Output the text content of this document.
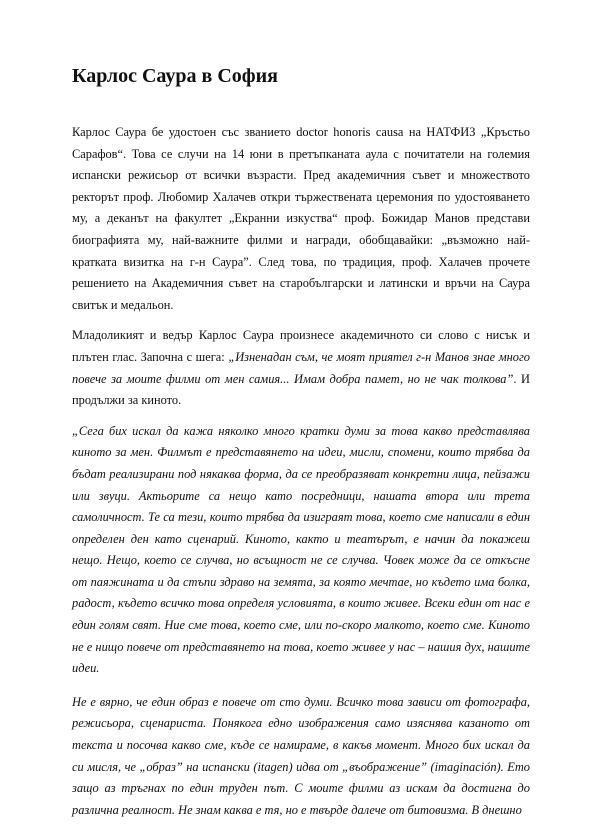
Карлос Саура в София

Карлос Саура бе удостоен със званието doctor honoris causa на НАТФИЗ „Кръстьо Сарафов“. Това се случи на 14 юни в претъпканата аула с почитатели на големия испански режисьор от всички възрасти. Пред академичния съвет и множеството ректорът проф. Любомир Халачев откри тържествената церемония по удостояването му, а деканът на факултет „Екранни изкуства“ проф. Божидар Манов представи биографията му, най-важните филми и награди, обобщавайки: „възможно най-кратката визитка на г-н Саура”. След това, по традиция, проф. Халачев прочете решението на Академичния съвет на старобългарски и латински и връчи на Саура свитък и медальон.

Младоликият и ведър Карлос Саура произнесе академичното си слово с нисък и плътен глас. Започна с шега: „Изненадан съм, че моят приятел г-н Манов знае много повече за моите филми от мен самия... Имам добра памет, но не чак толкова”. И продължи за киното.

„Сега бих искал да кажа няколко много кратки думи за това какво представлява киното за мен. Филмът е представянето на идеи, мисли, спомени, които трябва да бъдат реализирани под някаква форма, да се преобразяват конкретни лица, пейзажи или звуци. Актьорите са нещо като посредници, нашата втора или трета самоличност. Те са тези, които трябва да изиграят това, което сме написали в един определен ден като сценарий. Киното, както и театърът, е начин да покажеш нещо. Нещо, което се случва, но всъщност не се случва. Човек може да се откъсне от паяжината и да стъпи здраво на земята, за която мечтае, но където има болка, радост, където всичко това определя условията, в които живее. Всеки един от нас е един голям свят. Ние сме това, което сме, или по-скоро малкото, което сме. Киното не е нищо повече от представянето на това, което живее у нас – нашия дух, нашите идеи.

Не е вярно, че един образ е повече от сто думи. Всичко това зависи от фотографа, режисьора, сценариста. Понякога едно изображения само изяснява казаното от текста и посочва какво сме, къде се намираме, в какъв момент. Много бих искал да си мисля, че „образ” на испански (itagen) идва от „въображение” (imaginación). Ето защо аз тръгнах по един труден път. С моите филми аз искам да достигна до различна реалност. Не знам каква е тя, но е твърде далече от битовизма. В днешно
